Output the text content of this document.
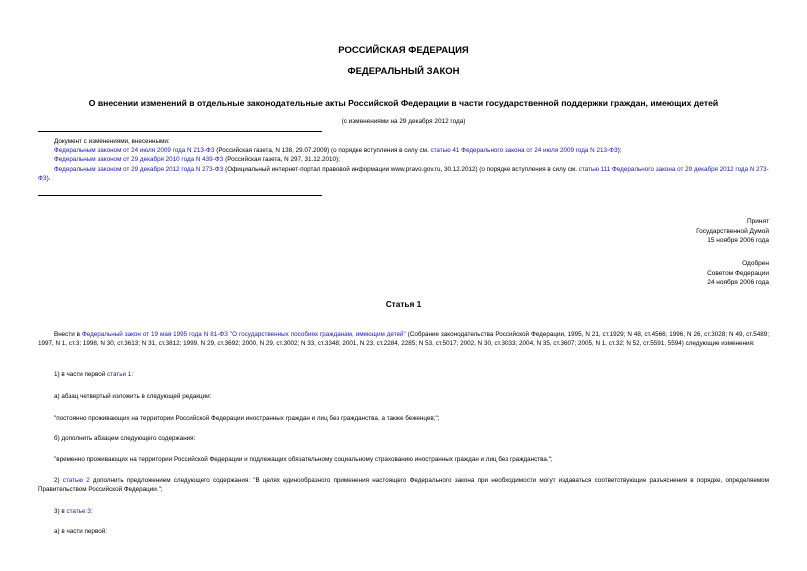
РОССИЙСКАЯ ФЕДЕРАЦИЯ
ФЕДЕРАЛЬНЫЙ ЗАКОН
О внесении изменений в отдельные законодательные акты Российской Федерации в части государственной поддержки граждан, имеющих детей
(с изменениями на 29 декабря 2012 года)

Документ с изменениями, внесенными:

Федеральным законом от 24 июля 2009 года N 213-ФЗ (Российская газета, N 138, 29.07.2009) (о порядке вступления в силу см. статью 41 Федерального закона от 24 июля 2009 года N 213-ФЗ);

Федеральным законом от 29 декабря 2010 года N 439-ФЗ (Российская газета, N 297, 31.12.2010);

Федеральным законом от 29 декабря 2012 года N 273-ФЗ (Официальный интернет-портал правовой информации www.pravo.gov.ru, 30.12.2012) (о порядке вступления в силу см. статью 111 Федерального закона от 29 декабря 2012 года N 273-ФЗ).

Принят
Государственной Думой
15 ноября 2006 года
Одобрен
Советом Федерации
24 ноября 2006 года
Статья 1
Внести в Федеральный закон от 19 мая 1995 года N 81-ФЗ "О государственных пособиях гражданам, имеющим детей" (Собрание законодательства Российской Федерации, 1995, N 21, ст.1929; N 48, ст.4566; 1996, N 26, ст.3028; N 49, ст.5489; 1997, N 1, ст.3; 1998, N 30, ст.3613; N 31, ст.3812; 1999, N 29, ст.3692; 2000, N 29, ст.3002; N 33, ст.3348; 2001, N 23, ст.2284, 2285; N 53, ст.5017; 2002, N 30, ст.3033; 2004, N 35, ст.3607; 2005, N 1, ст.32; N 52, ст.5591, 5594) следующие изменения:
1) в части первой статьи 1:
а) абзац четвертый изложить в следующей редакции:
"постоянно проживающих на территории Российской Федерации иностранных граждан и лиц без гражданства, а также беженцев;";
б) дополнить абзацем следующего содержания:
"временно проживающих на территории Российской Федерации и подлежащих обязательному социальному страхованию иностранных граждан и лиц без гражданства.";
2) статью 2 дополнить предложением следующего содержания: "В целях единообразного применения настоящего Федерального закона при необходимости могут издаваться соответствующие разъяснения в порядке, определяемом Правительством Российской Федерации.";
3) в статье 3:
а) в части первой:
